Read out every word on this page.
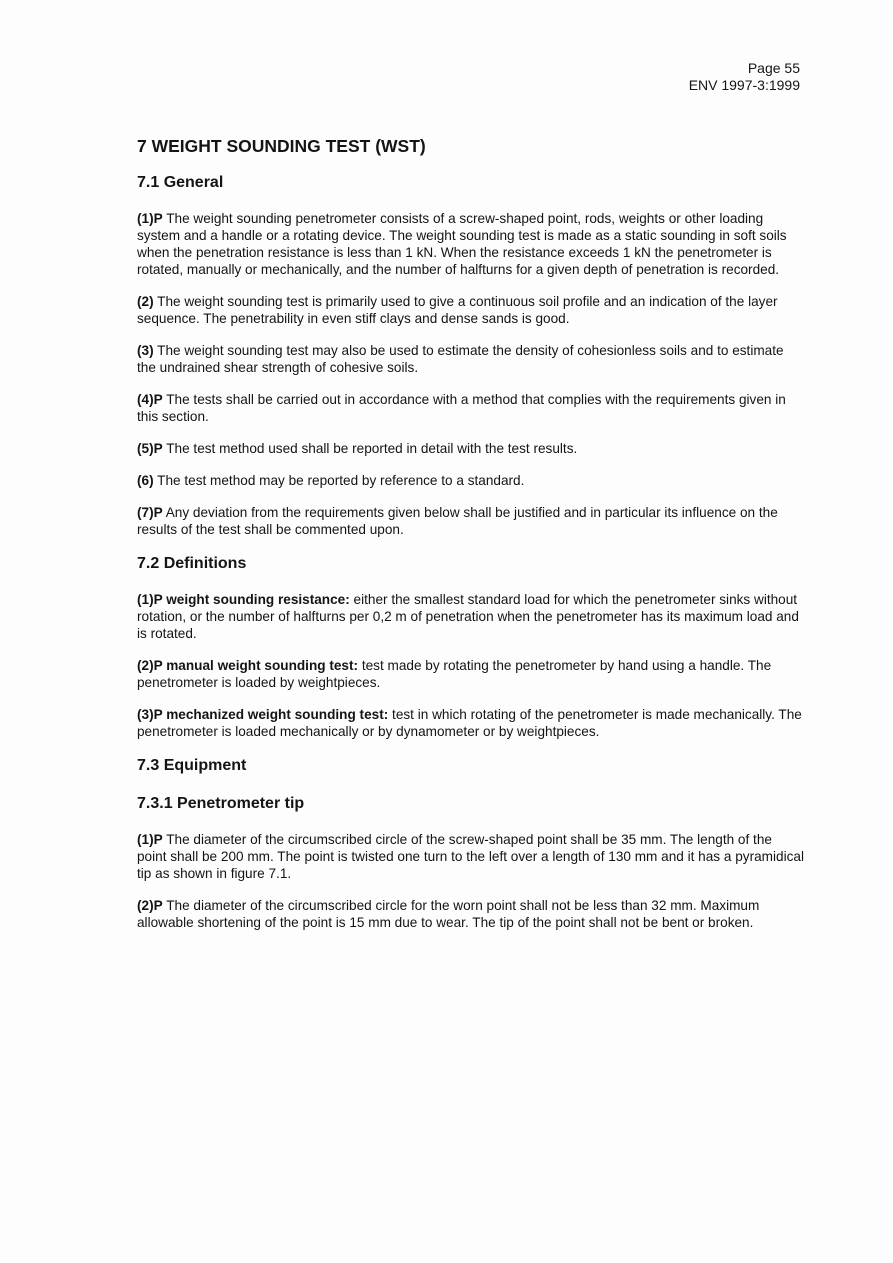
Page 55
ENV 1997-3:1999
7 WEIGHT SOUNDING TEST (WST)
7.1 General

(1)P The weight sounding penetrometer consists of a screw-shaped point, rods, weights or other loading system and a handle or a rotating device. The weight sounding test is made as a static sounding in soft soils when the penetration resistance is less than 1 kN. When the resistance exceeds 1 kN the penetrometer is rotated, manually or mechanically, and the number of halfturns for a given depth of penetration is recorded.

(2) The weight sounding test is primarily used to give a continuous soil profile and an indication of the layer sequence. The penetrability in even stiff clays and dense sands is good.

(3) The weight sounding test may also be used to estimate the density of cohesionless soils and to estimate the undrained shear strength of cohesive soils.

(4)P The tests shall be carried out in accordance with a method that complies with the requirements given in this section.

(5)P The test method used shall be reported in detail with the test results.

(6) The test method may be reported by reference to a standard.

(7)P Any deviation from the requirements given below shall be justified and in particular its influence on the results of the test shall be commented upon.

7.2 Definitions

(1)P weight sounding resistance: either the smallest standard load for which the penetrometer sinks without rotation, or the number of halfturns per 0,2 m of penetration when the penetrometer has its maximum load and is rotated.

(2)P manual weight sounding test: test made by rotating the penetrometer by hand using a handle. The penetrometer is loaded by weightpieces.

(3)P mechanized weight sounding test: test in which rotating of the penetrometer is made mechanically. The penetrometer is loaded mechanically or by dynamometer or by weightpieces.

7.3 Equipment
7.3.1 Penetrometer tip

(1)P The diameter of the circumscribed circle of the screw-shaped point shall be 35 mm. The length of the point shall be 200 mm. The point is twisted one turn to the left over a length of 130 mm and it has a pyramidical tip as shown in figure 7.1.

(2)P The diameter of the circumscribed circle for the worn point shall not be less than 32 mm. Maximum allowable shortening of the point is 15 mm due to wear. The tip of the point shall not be bent or broken.
